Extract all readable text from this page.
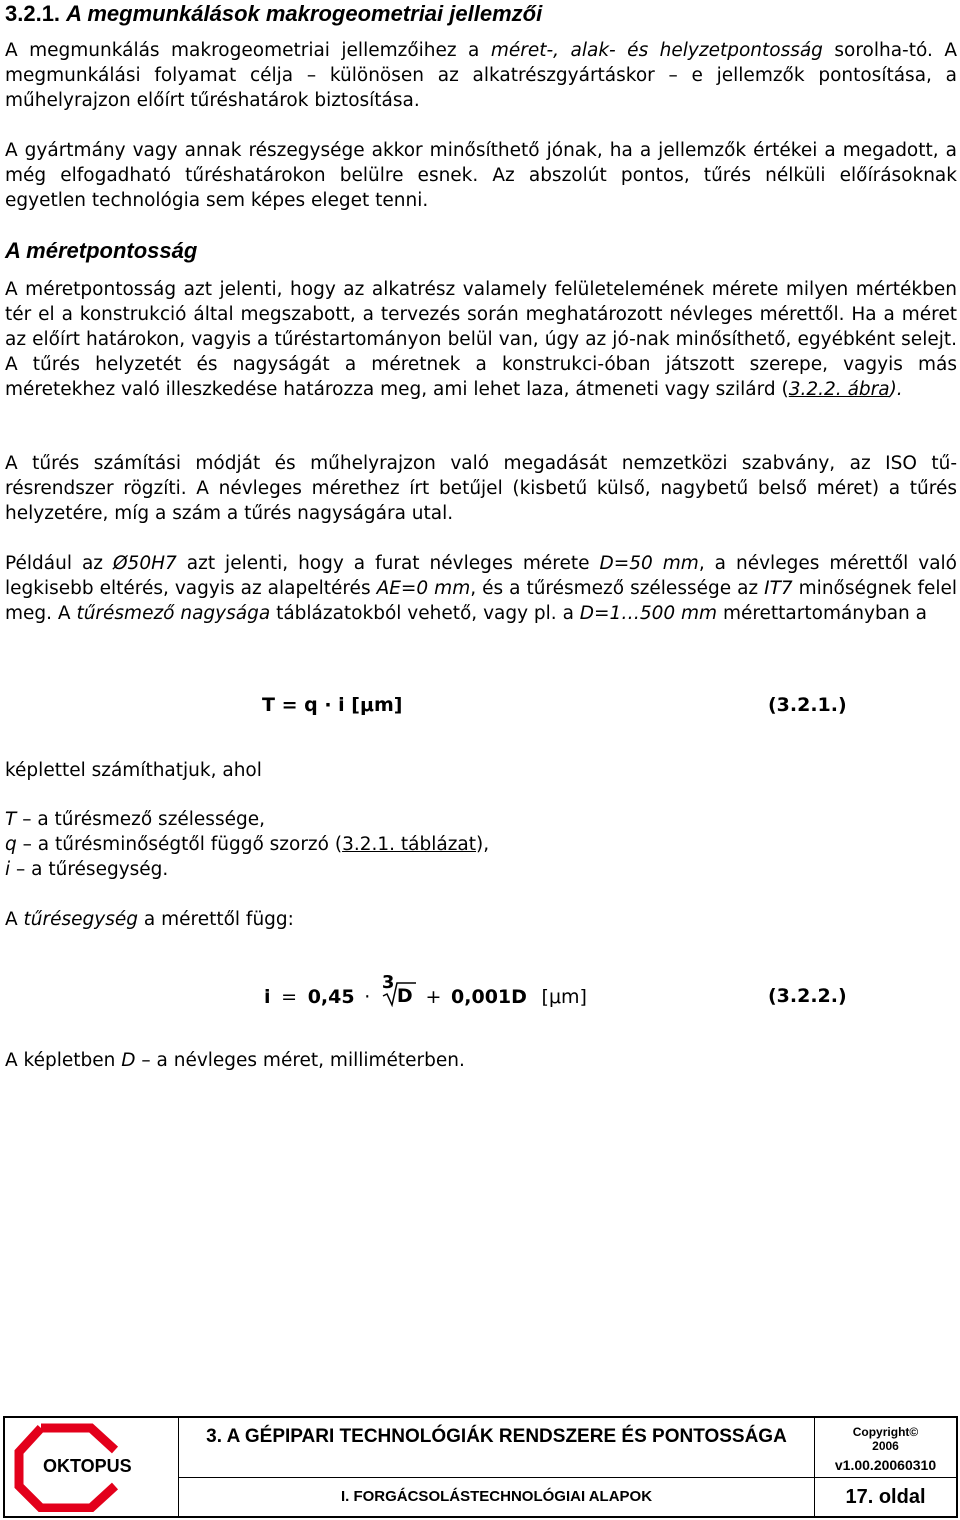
3.2.1. A megmunkálások makrogeometriai jellemzői

A megmunkálás makrogeometriai jellemzőihez a méret-, alak- és helyzetpontosság sorolha-tó. A megmunkálási folyamat célja – különösen az alkatrészgyártáskor – e jellemzők pontosítása, a műhelyrajzon előírt tűréshatárok biztosítása.

A gyártmány vagy annak részegysége akkor minősíthető jónak, ha a jellemzők értékei a megadott, a még elfogadható tűréshatárokon belülre esnek. Az abszolút pontos, tűrés nélküli előírásoknak egyetlen technológia sem képes eleget tenni.

A méretpontosság

A méretpontosság azt jelenti, hogy az alkatrész valamely felületelemének mérete milyen mértékben tér el a konstrukció által megszabott, a tervezés során meghatározott névleges mérettől. Ha a méret az előírt határokon, vagyis a tűréstartományon belül van, úgy az jó-nak minősíthető, egyébként selejt. A tűrés helyzetét és nagyságát a méretnek a konstrukci-óban játszott szerepe, vagyis más méretekhez való illeszkedése határozza meg, ami lehet laza, átmeneti vagy szilárd (3.2.2. ábra).

A tűrés számítási módját és műhelyrajzon való megadását nemzetközi szabvány, az ISO tű-résrendszer rögzíti. A névleges mérethez írt betűjel (kisbetű külső, nagybetű belső méret) a tűrés helyzetére, míg a szám a tűrés nagyságára utal.

Például az Ø50H7 azt jelenti, hogy a furat névleges mérete D=50 mm, a névleges mérettől való legkisebb eltérés, vagyis az alapeltérés AE=0 mm, és a tűrésmező szélessége az IT7 minőségnek felel meg. A tűrésmező nagysága táblázatokból vehető, vagy pl. a D=1…500 mm mérettartományban a

T = q · i [μm]	(3.2.1.)

képlettel számíthatjuk, ahol

T – a tűrésmező szélessége,

q – a tűrésminőségtől függő szorzó (3.2.1. táblázat),

i – a tűrésegység.

A tűrésegység a mérettől függ:

i = 0,45 ·
3
D + 0,001D [μm]	(3.2.2.)

A képletben D – a névleges méret, milliméterben.

OKTOPUS
3. A GÉPIPARI TECHNOLÓGIÁK RENDSZERE ÉS PONTOSSÁGA
I. FORGÁCSOLÁSTECHNOLÓGIAI ALAPOK
Copyright©
2006
v1.00.20060310
17. oldal
